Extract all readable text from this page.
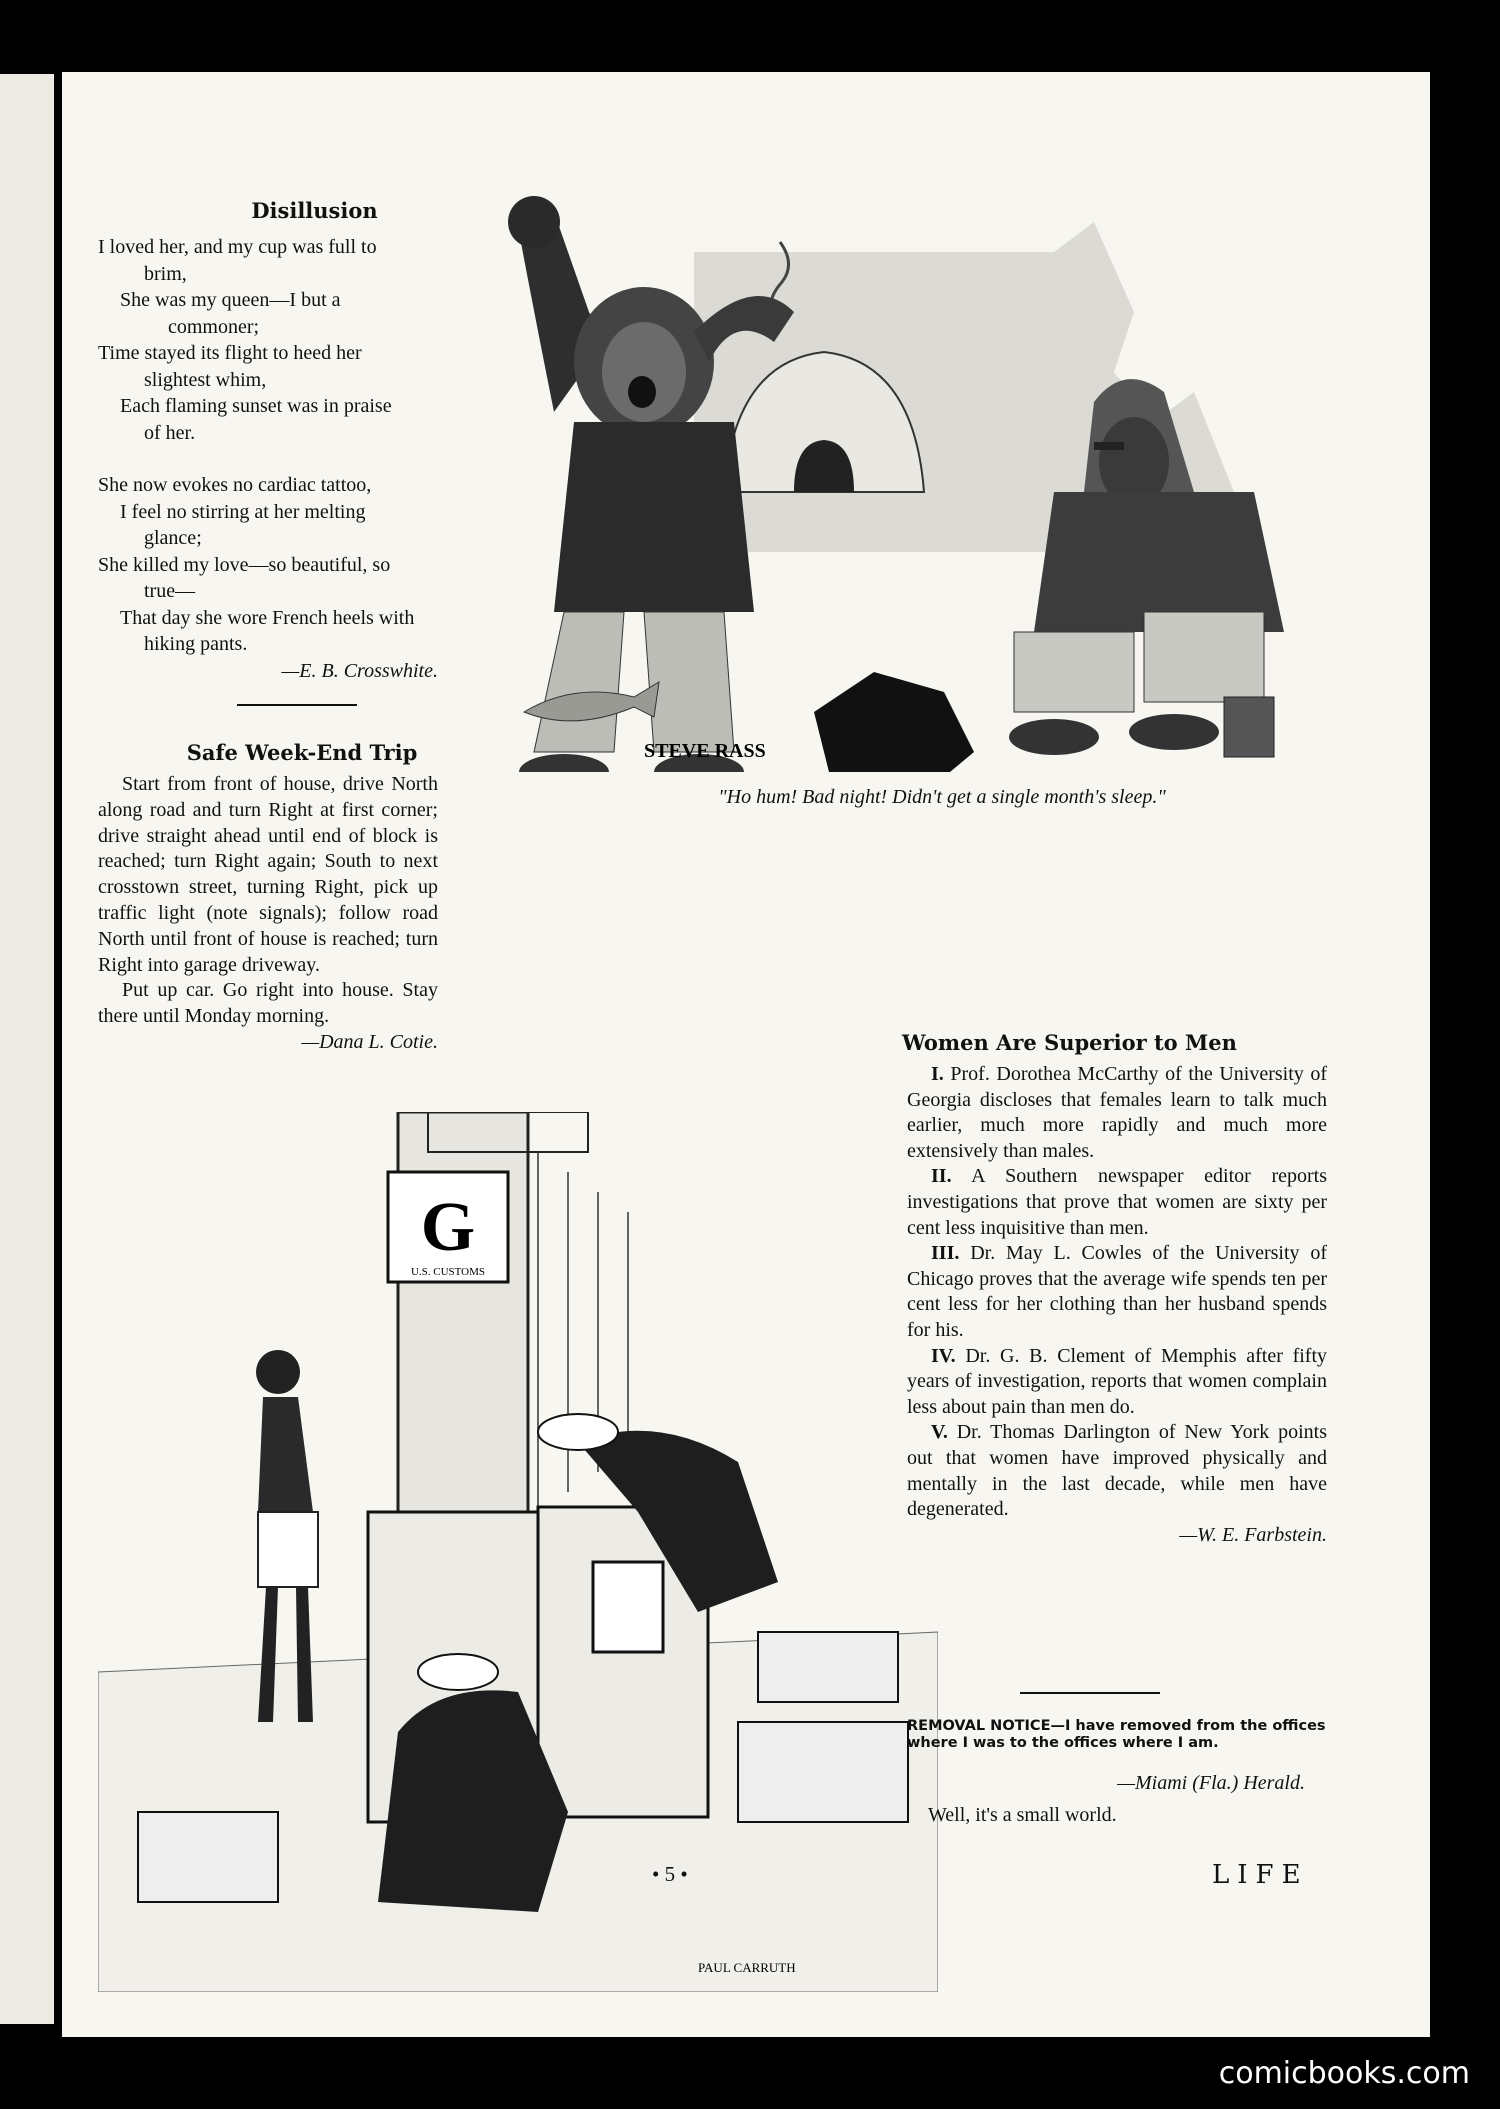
Disillusion
I loved her, and my cup was full to
brim,
She was my queen—I but a
commoner;
Time stayed its flight to heed her
slightest whim,
Each flaming sunset was in praise
of her.
She now evokes no cardiac tattoo,
I feel no stirring at her melting
glance;
She killed my love—so beautiful, so
true—
That day she wore French heels with
hiking pants.
—E. B. Crosswhite.
Safe Week-End Trip

Start from front of house, drive North along road and turn Right at first corner; drive straight ahead until end of block is reached; turn Right again; South to next crosstown street, turning Right, pick up traffic light (note signals); follow road North until front of house is reached; turn Right into garage driveway.

Put up car. Go right into house. Stay there until Monday morning.

—Dana L. Cotie.
STEVE RASS
"Ho hum! Bad night! Didn't get a single month's sleep."
G
U.S. CUSTOMS
PAUL CARRUTH
Women Are Superior to Men

I. Prof. Dorothea McCarthy of the University of Georgia discloses that females learn to talk much earlier, much more rapidly and much more extensively than males.

II. A Southern newspaper editor reports investigations that prove that women are sixty per cent less inquisitive than men.

III. Dr. May L. Cowles of the University of Chicago proves that the average wife spends ten per cent less for her clothing than her husband spends for his.

IV. Dr. G. B. Clement of Memphis after fifty years of investigation, reports that women complain less about pain than men do.

V. Dr. Thomas Darlington of New York points out that women have improved physically and mentally in the last decade, while men have degenerated.

—W. E. Farbstein.
REMOVAL NOTICE—I have removed from the offices where I was to the offices where I am.
—Miami (Fla.) Herald.
Well, it's a small world.
• 5 •	LIFE
comicbooks.com
